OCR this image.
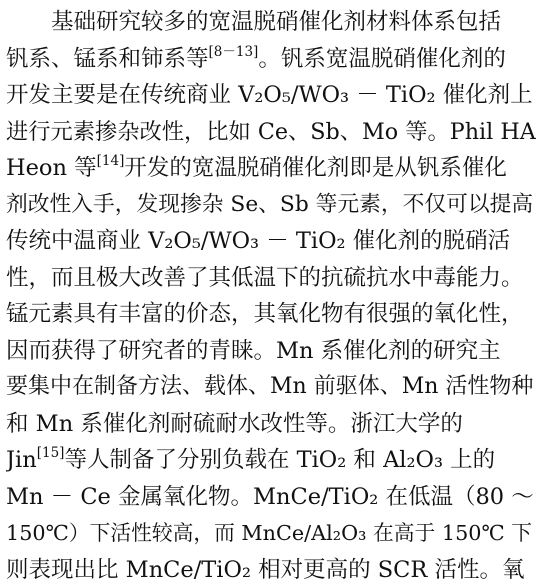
　　基础研究较多的宽温脱硝催化剂材料体系包括
钒系、锰系和铈系等[8－13]。钒系宽温脱硝催化剂的
开发主要是在传统商业 V₂O₅/WO₃ － TiO₂ 催化剂上
进行元素掺杂改性，比如 Ce、Sb、Mo 等。Phil HA
Heon 等[14]开发的宽温脱硝催化剂即是从钒系催化
剂改性入手，发现掺杂 Se、Sb 等元素，不仅可以提高
传统中温商业 V₂O₅/WO₃ － TiO₂ 催化剂的脱硝活
性，而且极大改善了其低温下的抗硫抗水中毒能力。
锰元素具有丰富的价态，其氧化物有很强的氧化性，
因而获得了研究者的青睐。Mn 系催化剂的研究主
要集中在制备方法、载体、Mn 前驱体、Mn 活性物种
和 Mn 系催化剂耐硫耐水改性等。浙江大学的
Jin[15]等人制备了分别负载在 TiO₂ 和 Al₂O₃ 上的
Mn － Ce 金属氧化物。MnCe/TiO₂ 在低温（80 ～
150℃）下活性较高，而 MnCe/Al₂O₃ 在高于 150℃ 下
则表现出比 MnCe/TiO₂ 相对更高的 SCR 活性。氧
